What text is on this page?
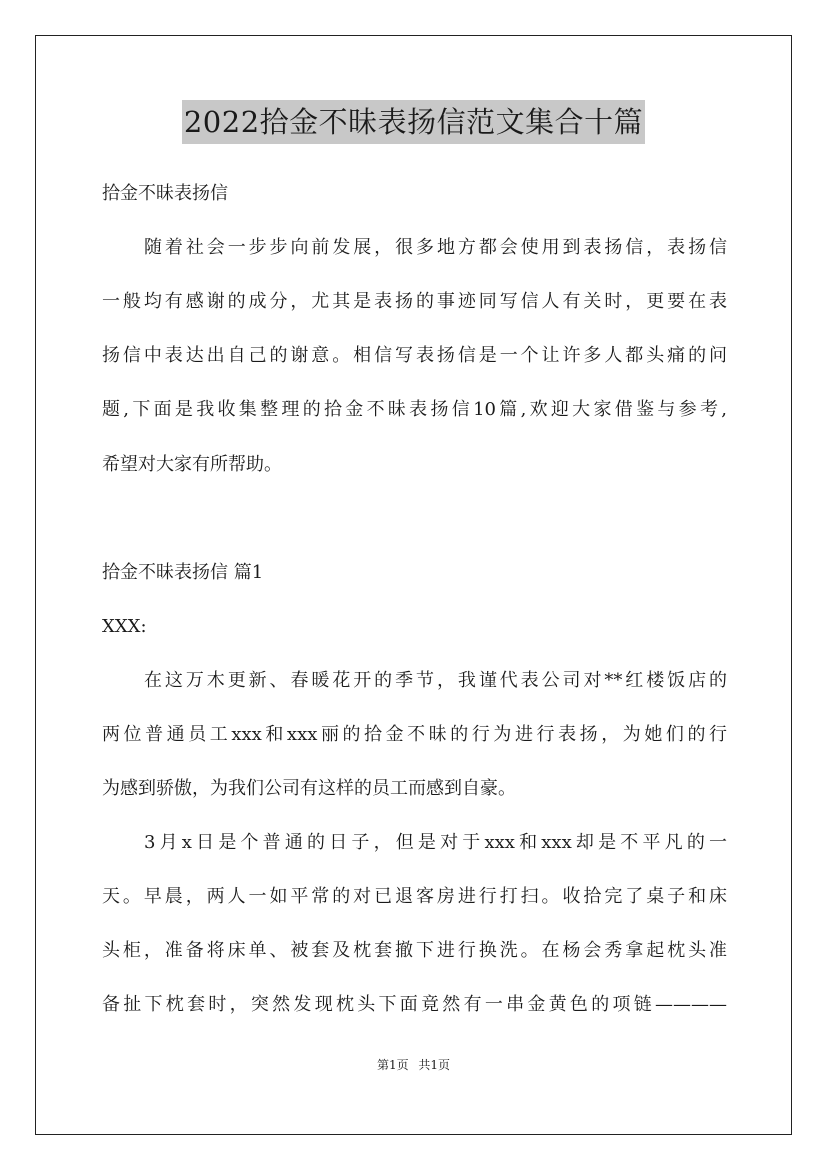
2022拾金不昧表扬信范文集合十篇
拾金不昧表扬信
随着社会一步步向前发展，很多地方都会使用到表扬信，表扬信
一般均有感谢的成分，尤其是表扬的事迹同写信人有关时，更要在表
扬信中表达出自己的谢意。相信写表扬信是一个让许多人都头痛的问
题,下面是我收集整理的拾金不昧表扬信10篇,欢迎大家借鉴与参考,
希望对大家有所帮助。
拾金不昧表扬信 篇1
XXX:
在这万木更新、春暖花开的季节，我谨代表公司对**红楼饭店的
两位普通员工xxx和xxx丽的拾金不昧的行为进行表扬，为她们的行
为感到骄傲，为我们公司有这样的员工而感到自豪。
3月x日是个普通的日子，但是对于xxx和xxx却是不平凡的一
天。早晨，两人一如平常的对已退客房进行打扫。收拾完了桌子和床
头柜，准备将床单、被套及枕套撤下进行换洗。在杨会秀拿起枕头准
备扯下枕套时，突然发现枕头下面竟然有一串金黄色的项链————
第1页 共1页
